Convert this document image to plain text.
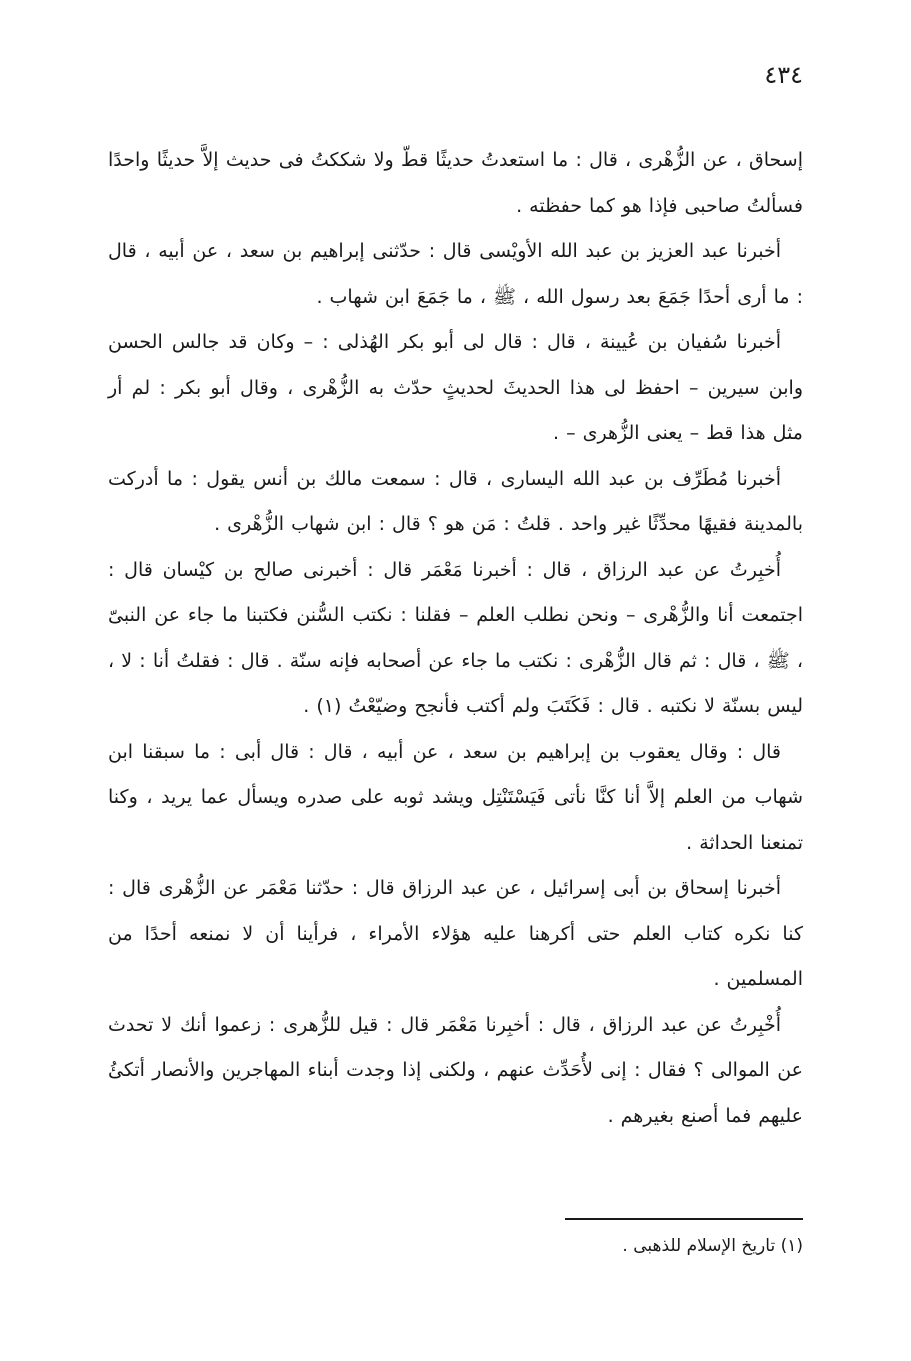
٤٣٤

إسحاق ، عن الزُّهْرى ، قال : ما استعدتُ حديثًا قطّ ولا شككتُ فى حديث إلاَّ حديثًا واحدًا فسألتُ صاحبى فإذا هو كما حفظته .

أخبرنا عبد العزيز بن عبد الله الأويْسى قال : حدّثنى إبراهيم بن سعد ، عن أبيه ، قال : ما أرى أحدًا جَمَعَ بعد رسول الله ، ﷺ ، ما جَمَعَ ابن شهاب .

أخبرنا سُفيان بن عُيينة ، قال : قال لى أبو بكر الهُذلى : – وكان قد جالس الحسن وابن سيرين – احفظ لى هذا الحديثَ لحديثٍ حدّث به الزُّهْرى ، وقال أبو بكر : لم أر مثل هذا قط – يعنى الزُّهرى – .

أخبرنا مُطَرِّف بن عبد الله اليسارى ، قال : سمعت مالك بن أنس يقول : ما أدركت بالمدينة فقيهًا محدِّثًا غير واحد . قلتُ : مَن هو ؟ قال : ابن شهاب الزُّهْرى .

أُخبِرتُ عن عبد الرزاق ، قال : أخبرنا مَعْمَر قال : أخبرنى صالح بن كيْسان قال : اجتمعت أنا والزُّهْرى – ونحن نطلب العلم – فقلنا : نكتب السُّنن فكتبنا ما جاء عن النبىّ ، ﷺ ، قال : ثم قال الزُّهْرى : نكتب ما جاء عن أصحابه فإنه سنّة . قال : فقلتُ أنا : لا ، ليس بسنّة لا نكتبه . قال : فَكَتَبَ ولم أكتب فأنجح وضيّعْتُ (١) .

قال : وقال يعقوب بن إبراهيم بن سعد ، عن أبيه ، قال : قال أبى : ما سبقنا ابن شهاب من العلم إلاَّ أنا كنَّا نأتى فَيَسْتَنْتِل ويشد ثوبه على صدره ويسأل عما يريد ، وكنا تمنعنا الحداثة .

أخبرنا إسحاق بن أبى إسرائيل ، عن عبد الرزاق قال : حدّثنا مَعْمَر عن الزُّهْرى قال : كنا نكره كتاب العلم حتى أكرهنا عليه هؤلاء الأمراء ، فرأينا أن لا نمنعه أحدًا من المسلمين .

أُخْبِرتُ عن عبد الرزاق ، قال : أخبِرنا مَعْمَر قال : قيل للزُّهرى : زعموا أنك لا تحدث عن الموالى ؟ فقال : إنى لأُحَدِّث عنهم ، ولكنى إذا وجدت أبناء المهاجرين والأنصار أتكئُ عليهم فما أصنع بغيرهم .

(١) تاريخ الإسلام للذهبى .
